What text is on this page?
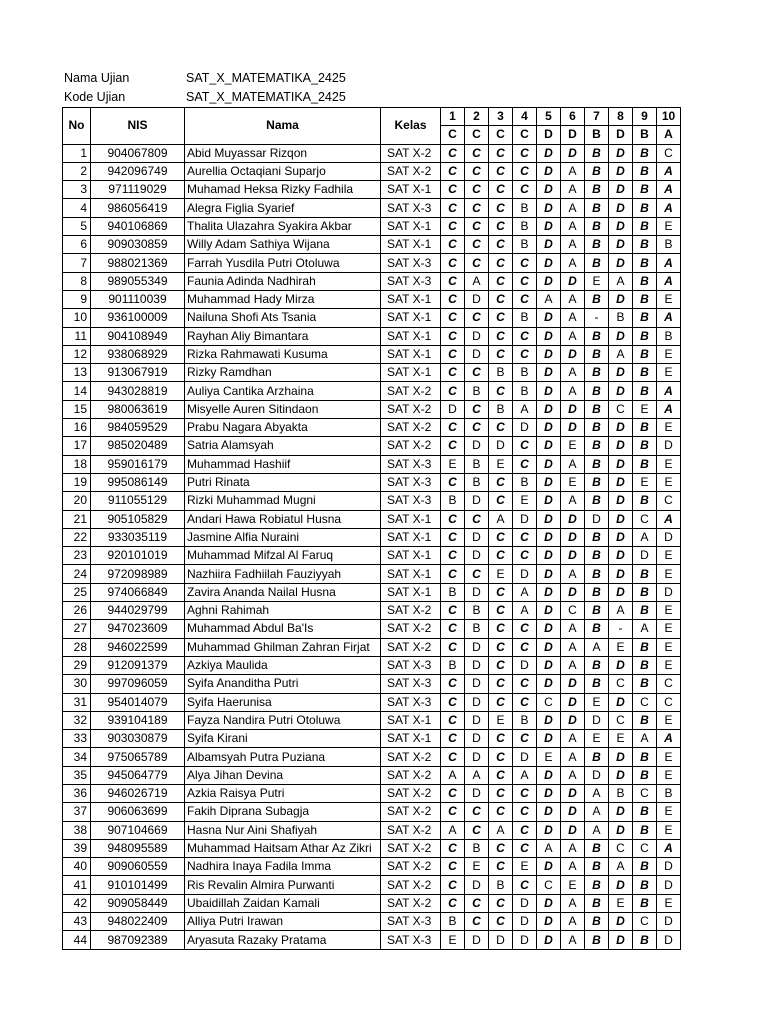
Nama Ujian	SAT_X_MATEMATIKA_2425
Kode Ujian	SAT_X_MATEMATIKA_2425
No	NIS	Nama	Kelas	1	2	3	4	5	6	7	8	9	10
				C	C	C	C	D	D	B	D	B	A
1	904067809	Abid Muyassar Rizqon	SAT X-2	C	C	C	C	D	D	B	D	B	C
2	942096749	Aurellia Octaqiani Suparjo	SAT X-2	C	C	C	C	D	A	B	D	B	A
3	971119029	Muhamad Heksa Rizky Fadhila	SAT X-1	C	C	C	C	D	A	B	D	B	A
4	986056419	Alegra Figlia Syarief	SAT X-3	C	C	C	B	D	A	B	D	B	A
5	940106869	Thalita Ulazahra Syakira Akbar	SAT X-1	C	C	C	B	D	A	B	D	B	E
6	909030859	Willy Adam Sathiya Wijana	SAT X-1	C	C	C	B	D	A	B	D	B	B
7	988021369	Farrah Yusdila Putri Otoluwa	SAT X-3	C	C	C	C	D	A	B	D	B	A
8	989055349	Faunia Adinda Nadhirah	SAT X-3	C	A	C	C	D	D	E	A	B	A
9	901110039	Muhammad Hady Mirza	SAT X-1	C	D	C	C	A	A	B	D	B	E
10	936100009	Nailuna Shofi Ats Tsania	SAT X-1	C	C	C	B	D	A	-	B	B	A
11	904108949	Rayhan Aliy Bimantara	SAT X-1	C	D	C	C	D	A	B	D	B	B
12	938068929	Rizka Rahmawati Kusuma	SAT X-1	C	D	C	C	D	D	B	A	B	E
13	913067919	Rizky Ramdhan	SAT X-1	C	C	B	B	D	A	B	D	B	E
14	943028819	Auliya Cantika Arzhaina	SAT X-2	C	B	C	B	D	A	B	D	B	A
15	980063619	Misyelle Auren Sitindaon	SAT X-2	D	C	B	A	D	D	B	C	E	A
16	984059529	Prabu Nagara Abyakta	SAT X-2	C	C	C	D	D	D	B	D	B	E
17	985020489	Satria Alamsyah	SAT X-2	C	D	D	C	D	E	B	D	B	D
18	959016179	Muhammad Hashiif	SAT X-3	E	B	E	C	D	A	B	D	B	E
19	995086149	Putri Rinata	SAT X-3	C	B	C	B	D	E	B	D	E	E
20	911055129	Rizki Muhammad Mugni	SAT X-3	B	D	C	E	D	A	B	D	B	C
21	905105829	Andari Hawa Robiatul Husna	SAT X-1	C	C	A	D	D	D	D	D	C	A
22	933035119	Jasmine Alfia Nuraini	SAT X-1	C	D	C	C	D	D	B	D	A	D
23	920101019	Muhammad Mifzal Al Faruq	SAT X-1	C	D	C	C	D	D	B	D	D	E
24	972098989	Nazhiira Fadhiilah Fauziyyah	SAT X-1	C	C	E	D	D	A	B	D	B	E
25	974066849	Zavira Ananda Nailal Husna	SAT X-1	B	D	C	A	D	D	B	D	B	D
26	944029799	Aghni Rahimah	SAT X-2	C	B	C	A	D	C	B	A	B	E
27	947023609	Muhammad Abdul Ba'Is	SAT X-2	C	B	C	C	D	A	B	-	A	E
28	946022599	Muhammad Ghilman Zahran Firjat	SAT X-2	C	D	C	C	D	A	A	E	B	E
29	912091379	Azkiya Maulida	SAT X-3	B	D	C	D	D	A	B	D	B	E
30	997096059	Syifa Ananditha Putri	SAT X-3	C	D	C	C	D	D	B	C	B	C
31	954014079	Syifa Haerunisa	SAT X-3	C	D	C	C	C	D	E	D	C	C
32	939104189	Fayza Nandira Putri Otoluwa	SAT X-1	C	D	E	B	D	D	D	C	B	E
33	903030879	Syifa Kirani	SAT X-1	C	D	C	C	D	A	E	E	A	A
34	975065789	Albamsyah Putra Puziana	SAT X-2	C	D	C	D	E	A	B	D	B	E
35	945064779	Alya Jihan Devina	SAT X-2	A	A	C	A	D	A	D	D	B	E
36	946026719	Azkia Raisya Putri	SAT X-2	C	D	C	C	D	D	A	B	C	B
37	906063699	Fakih Diprana Subagja	SAT X-2	C	C	C	C	D	D	A	D	B	E
38	907104669	Hasna Nur Aini Shafiyah	SAT X-2	A	C	A	C	D	D	A	D	B	E
39	948095589	Muhammad Haitsam Athar Az Zikri	SAT X-2	C	B	C	C	A	A	B	C	C	A
40	909060559	Nadhira Inaya Fadila Imma	SAT X-2	C	E	C	E	D	A	B	A	B	D
41	910101499	Ris Revalin Almira Purwanti	SAT X-2	C	D	B	C	C	E	B	D	B	D
42	909058449	Ubaidillah Zaidan Kamali	SAT X-2	C	C	C	D	D	A	B	E	B	E
43	948022409	Alliya Putri Irawan	SAT X-3	B	C	C	D	D	A	B	D	C	D
44	987092389	Aryasuta Razaky Pratama	SAT X-3	E	D	D	D	D	A	B	D	B	D
